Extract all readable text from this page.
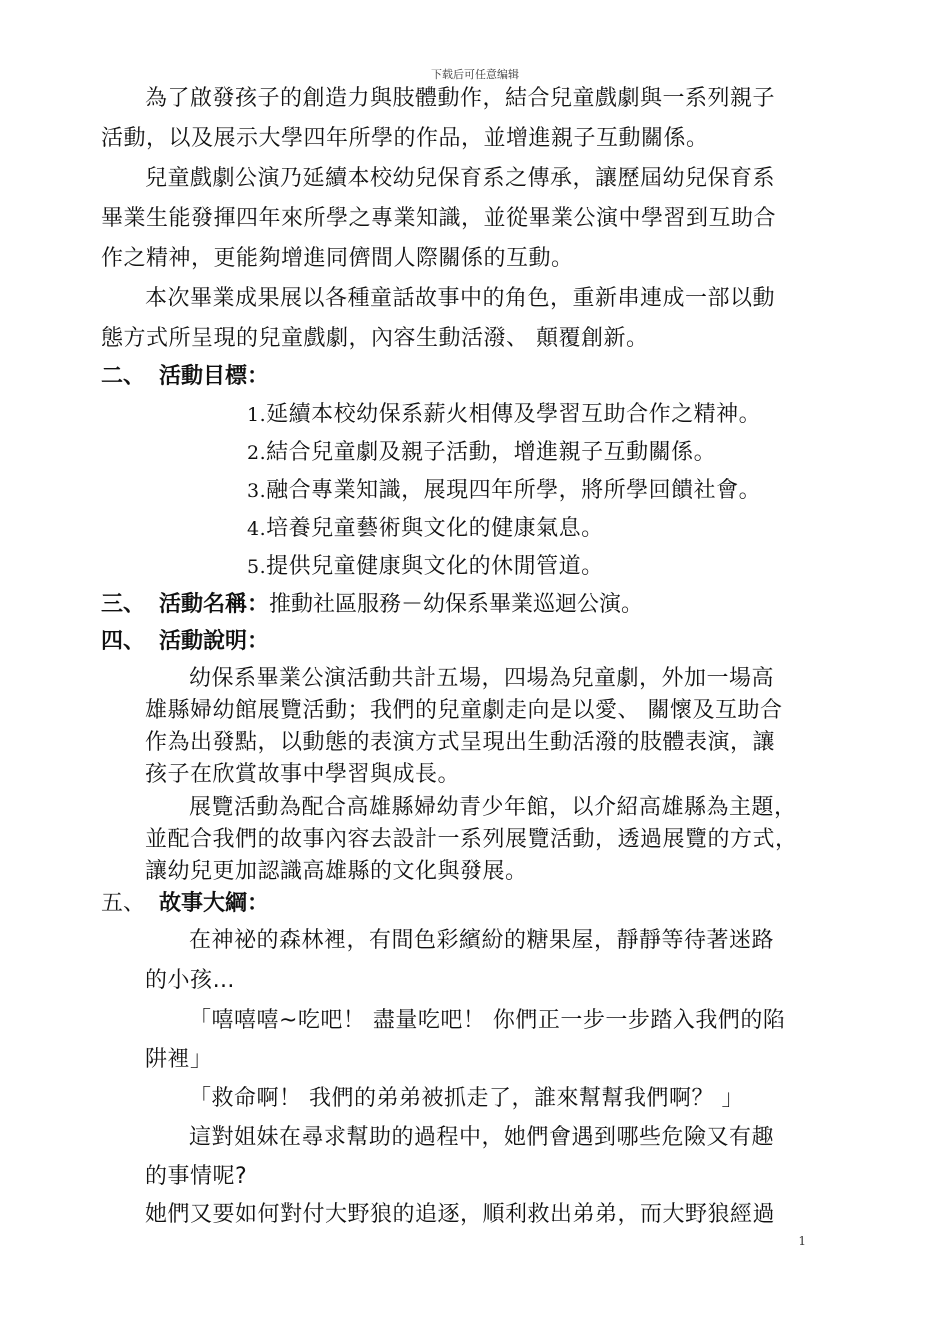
下载后可任意编辑
為了啟發孩子的創造力與肢體動作，結合兒童戲劇與一系列親子
活動，以及展示大學四年所學的作品，並增進親子互動關係。
兒童戲劇公演乃延續本校幼兒保育系之傳承，讓歷屆幼兒保育系
畢業生能發揮四年來所學之專業知識，並從畢業公演中學習到互助合
作之精神，更能夠增進同儕間人際關係的互動。
本次畢業成果展以各種童話故事中的角色，重新串連成一部以動
態方式所呈現的兒童戲劇，內容生動活潑、 顛覆創新。
二、 活動目標：
1.延續本校幼保系薪火相傳及學習互助合作之精神。
2.結合兒童劇及親子活動，增進親子互動關係。
3.融合專業知識，展現四年所學，將所學回饋社會。
4.培養兒童藝術與文化的健康氣息。
5.提供兒童健康與文化的休閒管道。
三、 活動名稱：推動社區服務－幼保系畢業巡迴公演。
四、 活動說明：
幼保系畢業公演活動共計五場，四場為兒童劇，外加一場高
雄縣婦幼館展覽活動；我們的兒童劇走向是以愛、 關懷及互助合
作為出發點，以動態的表演方式呈現出生動活潑的肢體表演，讓
孩子在欣賞故事中學習與成長。
展覽活動為配合高雄縣婦幼青少年館，以介紹高雄縣為主題，
並配合我們的故事內容去設計一系列展覽活動，透過展覽的方式，
讓幼兒更加認識高雄縣的文化與發展。
五、 故事大綱：
在神祕的森林裡，有間色彩繽紛的糖果屋，靜靜等待著迷路
的小孩…
「嘻嘻嘻~吃吧！ 盡量吃吧！ 你們正一步一步踏入我們的陷
阱裡」
「救命啊！ 我們的弟弟被抓走了，誰來幫幫我們啊？ 」
這對姐妹在尋求幫助的過程中，她們會遇到哪些危險又有趣
的事情呢?
她們又要如何對付大野狼的追逐，順利救出弟弟，而大野狼經過
1
